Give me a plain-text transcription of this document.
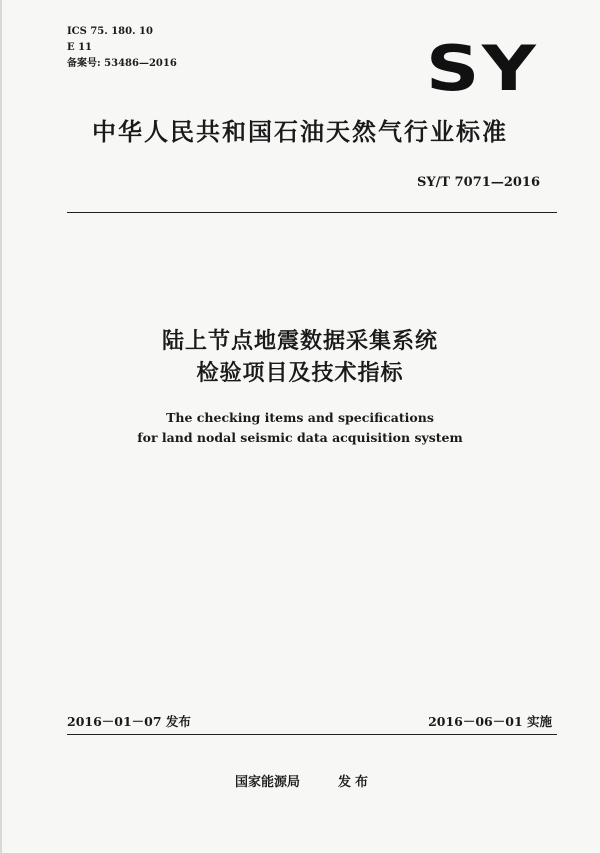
ICS 75. 180. 10
E 11
备案号: 53486—2016	SY
中华人民共和国石油天然气行业标准
SY/T 7071—2016
陆上节点地震数据采集系统
检验项目及技术指标
The checking items and specifications
for land nodal seismic data acquisition system
2016－01－07 发布	2016－06－01 实施
国家能源局	发布
